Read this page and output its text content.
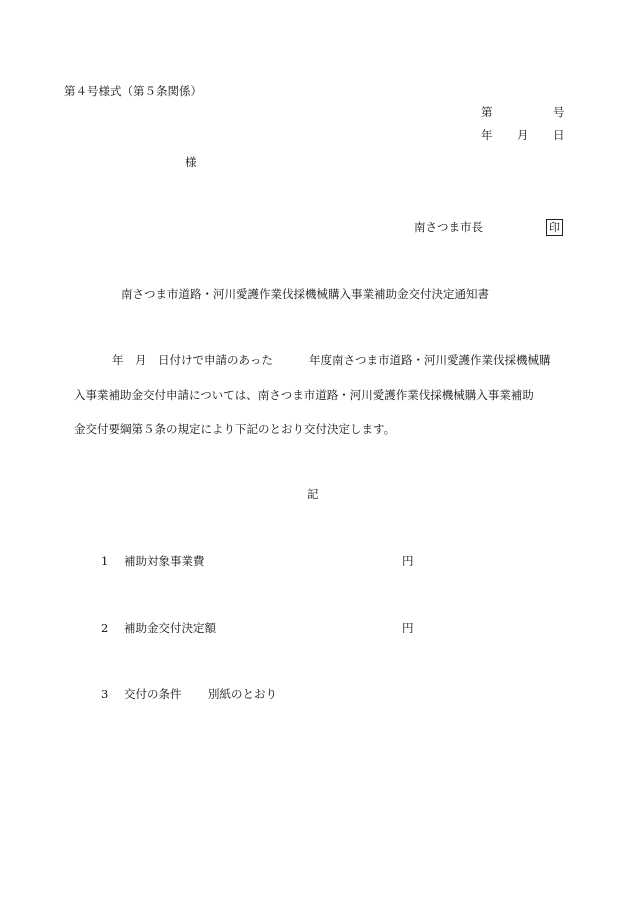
第４号様式（第５条関係）
第	号
年 月 日
様
南さつま市長	印
南さつま市道路・河川愛護作業伐採機械購入事業補助金交付決定通知書
年　月　日付けで申請のあった	年度南さつま市道路・河川愛護作業伐採機械購
入事業補助金交付申請については、南さつま市道路・河川愛護作業伐採機械購入事業補助
金交付要綱第５条の規定により下記のとおり交付決定します。
記
1 補助対象事業費	円
2 補助金交付決定額	円
3 交付の条件 別紙のとおり
